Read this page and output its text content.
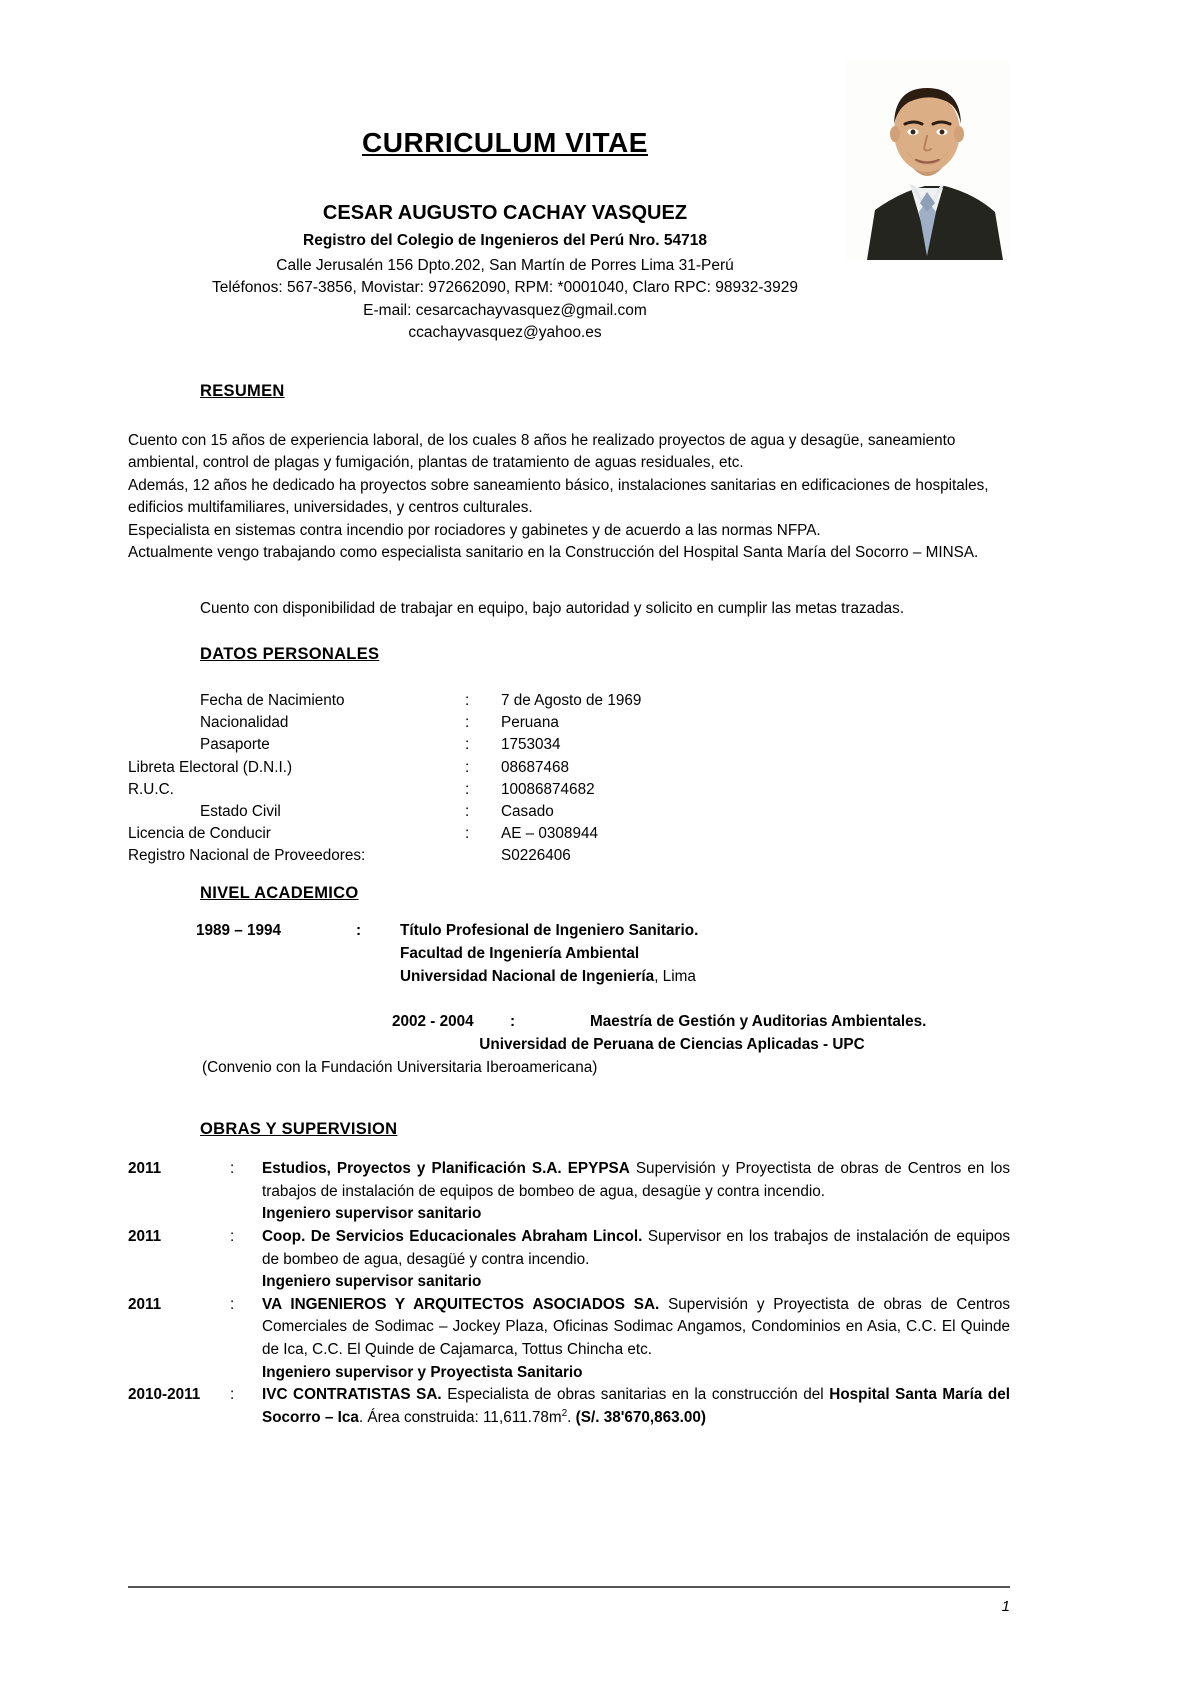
CURRICULUM VITAE
CESAR AUGUSTO CACHAY VASQUEZ
Registro del Colegio de Ingenieros del Perú Nro. 54718
Calle Jerusalén 156 Dpto.202, San Martín de Porres Lima 31-Perú
Teléfonos: 567-3856, Movistar: 972662090, RPM: *0001040, Claro RPC: 98932-3929
E-mail: cesarcachayvasquez@gmail.com
ccachayvasquez@yahoo.es
RESUMEN

Cuento con 15 años de experiencia laboral, de los cuales 8 años he realizado proyectos de agua y desagüe, saneamiento ambiental, control de plagas y fumigación, plantas de tratamiento de aguas residuales, etc.

Además, 12 años he dedicado ha proyectos sobre saneamiento básico, instalaciones sanitarias en edificaciones de hospitales, edificios multifamiliares, universidades, y centros culturales.

Especialista en sistemas contra incendio por rociadores y gabinetes y de acuerdo a las normas NFPA.

Actualmente vengo trabajando como especialista sanitario en la Construcción del Hospital Santa María del Socorro – MINSA.

Cuento con disponibilidad de trabajar en equipo, bajo autoridad y solicito en cumplir las metas trazadas.
DATOS PERSONALES
Fecha de Nacimiento	:	7 de Agosto de 1969
Nacionalidad	:	Peruana
Pasaporte	:	1753034
Libreta Electoral (D.N.I.)	:	08687468
R.U.C.	:	10086874682
Estado Civil	:	Casado
Licencia de Conducir	:	AE – 0308944
Registro Nacional de Proveedores:		S0226406
NIVEL ACADEMICO
1989 – 1994	:	Título Profesional de Ingeniero Sanitario.
Facultad de Ingeniería Ambiental
Universidad Nacional de Ingeniería, Lima
2002 - 2004	:	Maestría de Gestión y Auditorias Ambientales.
Universidad de Peruana de Ciencias Aplicadas - UPC
(Convenio con la Fundación Universitaria Iberoamericana)
OBRAS Y SUPERVISION
2011	:	Estudios, Proyectos y Planificación S.A. EPYPSA Supervisión y Proyectista de obras de Centros en los trabajos de instalación de equipos de bombeo de agua, desagüe y contra incendio.
Ingeniero supervisor sanitario
2011	:	Coop. De Servicios Educacionales Abraham Lincol. Supervisor en los trabajos de instalación de equipos de bombeo de agua, desagüé y contra incendio.
Ingeniero supervisor sanitario
2011	:	VA INGENIEROS Y ARQUITECTOS ASOCIADOS SA. Supervisión y Proyectista de obras de Centros Comerciales de Sodimac – Jockey Plaza, Oficinas Sodimac Angamos, Condominios en Asia, C.C. El Quinde de Ica, C.C. El Quinde de Cajamarca, Tottus Chincha etc.
Ingeniero supervisor y Proyectista Sanitario
2010-2011	:	IVC CONTRATISTAS SA. Especialista de obras sanitarias en la construcción del Hospital Santa María del Socorro – Ica. Área construida: $11,611.78m^2$. (S/. 38'670,863.00)
1
